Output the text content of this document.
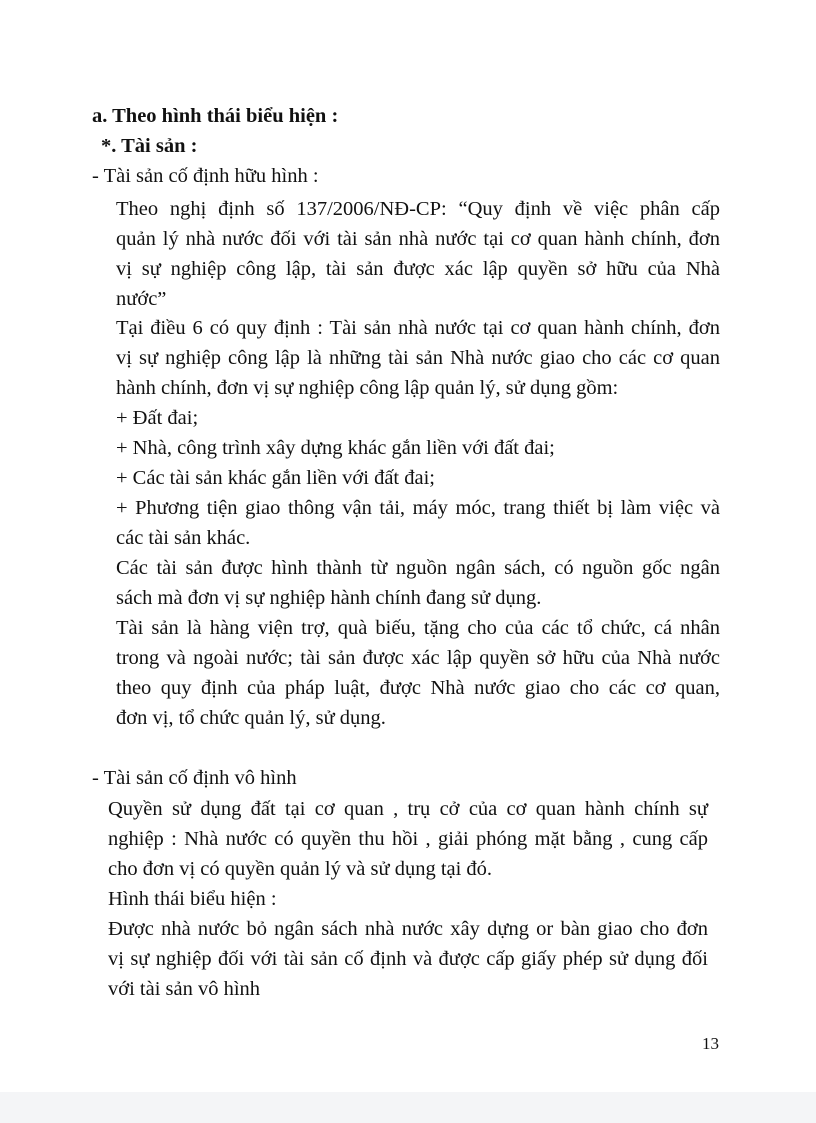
a. Theo hình thái biểu hiện :
*. Tài sản :
- Tài sản cố định hữu hình :
Theo nghị định số 137/2006/NĐ-CP: “Quy định về việc phân cấp
quản lý nhà nước đối với tài sản nhà nước tại cơ quan hành chính, đơn
vị sự nghiệp công lập, tài sản được xác lập quyền sở hữu của Nhà
nước”
Tại điều 6 có quy định : Tài sản nhà nước tại cơ quan hành chính, đơn
vị sự nghiệp công lập là những tài sản Nhà nước giao cho các cơ quan
hành chính, đơn vị sự nghiệp công lập quản lý, sử dụng gồm:
+ Đất đai;
+ Nhà, công trình xây dựng khác gắn liền với đất đai;
+ Các tài sản khác gắn liền với đất đai;
+ Phương tiện giao thông vận tải, máy móc, trang thiết bị làm việc và
các tài sản khác.
Các tài sản được hình thành từ nguồn ngân sách, có nguồn gốc ngân
sách mà đơn vị sự nghiệp hành chính đang sử dụng.
Tài sản là hàng viện trợ, quà biếu, tặng cho của các tổ chức, cá nhân
trong và ngoài nước; tài sản được xác lập quyền sở hữu của Nhà nước
theo quy định của pháp luật, được Nhà nước giao cho các cơ quan,
đơn vị, tổ chức quản lý, sử dụng.
- Tài sản cố định vô hình
Quyền sử dụng đất tại cơ quan , trụ cở của cơ quan hành chính sự
nghiệp : Nhà nước có quyền thu hồi , giải phóng mặt bằng , cung cấp
cho đơn vị có quyền quản lý và sử dụng tại đó.
Hình thái biểu hiện :
Được nhà nước bỏ ngân sách nhà nước xây dựng or bàn giao cho đơn
vị sự nghiệp đối với tài sản cố định và được cấp giấy phép sử dụng đối
với tài sản vô hình
13
